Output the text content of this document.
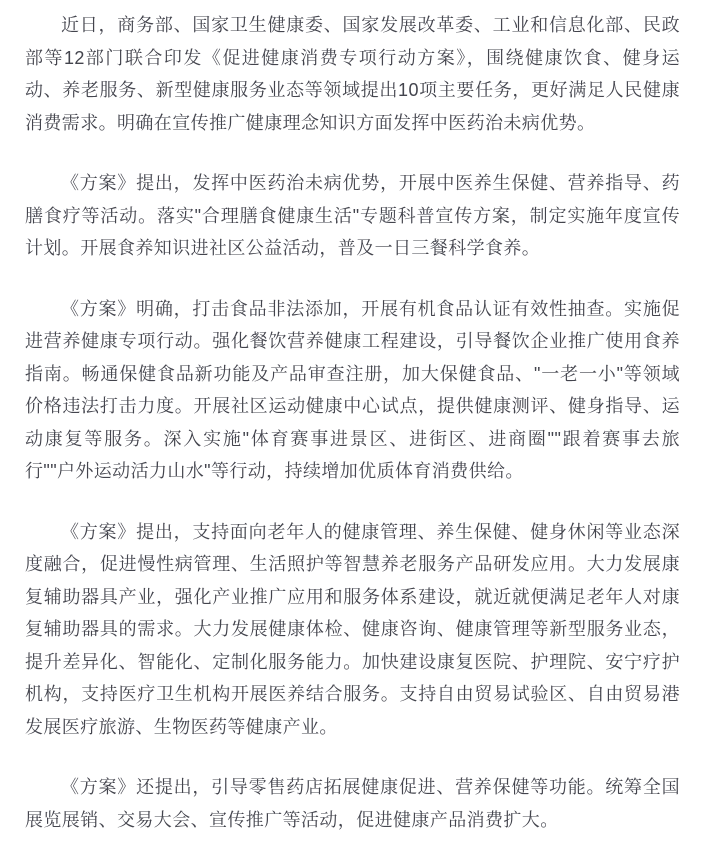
近日，商务部、国家卫生健康委、国家发展改革委、工业和信息化部、民政部等12部门联合印发《促进健康消费专项行动方案》，围绕健康饮食、健身运动、养老服务、新型健康服务业态等领域提出10项主要任务，更好满足人民健康消费需求。明确在宣传推广健康理念知识方面发挥中医药治未病优势。

《方案》提出，发挥中医药治未病优势，开展中医养生保健、营养指导、药膳食疗等活动。落实"合理膳食健康生活"专题科普宣传方案，制定实施年度宣传计划。开展食养知识进社区公益活动，普及一日三餐科学食养。

《方案》明确，打击食品非法添加，开展有机食品认证有效性抽查。实施促进营养健康专项行动。强化餐饮营养健康工程建设，引导餐饮企业推广使用食养指南。畅通保健食品新功能及产品审查注册，加大保健食品、"一老一小"等领域价格违法打击力度。开展社区运动健康中心试点，提供健康测评、健身指导、运动康复等服务。深入实施"体育赛事进景区、进街区、进商圈""跟着赛事去旅行""户外运动活力山水"等行动，持续增加优质体育消费供给。

《方案》提出，支持面向老年人的健康管理、养生保健、健身休闲等业态深度融合，促进慢性病管理、生活照护等智慧养老服务产品研发应用。大力发展康复辅助器具产业，强化产业推广应用和服务体系建设，就近就便满足老年人对康复辅助器具的需求。大力发展健康体检、健康咨询、健康管理等新型服务业态，提升差异化、智能化、定制化服务能力。加快建设康复医院、护理院、安宁疗护机构，支持医疗卫生机构开展医养结合服务。支持自由贸易试验区、自由贸易港发展医疗旅游、生物医药等健康产业。

《方案》还提出，引导零售药店拓展健康促进、营养保健等功能。统筹全国展览展销、交易大会、宣传推广等活动，促进健康产品消费扩大。
